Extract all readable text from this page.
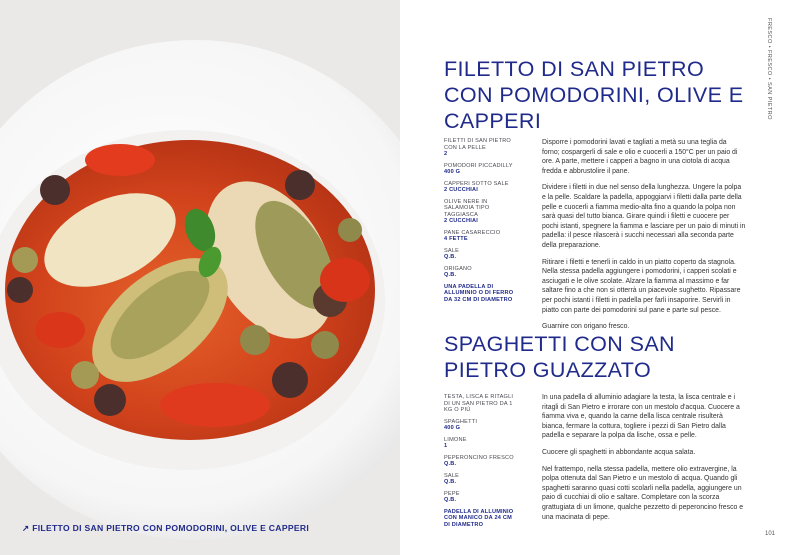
↗ FILETTO DI SAN PIETRO CON POMODORINI, OLIVE E CAPPERI
FRESCO • FRESCO • SAN PIETRO
FILETTO DI SAN PIETRO CON POMODORINI, OLIVE E CAPPERI
FILETTI DI SAN PIETRO CON LA PELLE
2
POMODORI PICCADILLY
400 G
CAPPERI SOTTO SALE
2 CUCCHIAI
OLIVE NERE IN SALAMOIA TIPO TAGGIASCA
2 CUCCHIAI
PANE CASARECCIO
4 FETTE
SALE
Q.B.
ORIGANO
Q.B.
UNA PADELLA DI ALLUMINIO O DI FERRO DA 32 CM DI DIAMETRO

Disporre i pomodorini lavati e tagliati a metà su una teglia da forno; cospargerli di sale e olio e cuocerli a 150°C per un paio di ore. A parte, mettere i capperi a bagno in una ciotola di acqua fredda e abbrustolire il pane.

Dividere i filetti in due nel senso della lunghezza. Ungere la polpa e la pelle. Scaldare la padella, appoggiarvi i filetti dalla parte della pelle e cuocerli a fiamma medio-alta fino a quando la polpa non sarà quasi del tutto bianca. Girare quindi i filetti e cuocere per pochi istanti, spegnere la fiamma e lasciare per un paio di minuti in padella: il pesce rilascerà i succhi necessari alla seconda parte della preparazione.

Ritirare i filetti e tenerli in caldo in un piatto coperto da stagnola. Nella stessa padella aggiungere i pomodorini, i capperi scolati e asciugati e le olive scolate. Alzare la fiamma al massimo e far saltare fino a che non si otterrà un piacevole sughetto. Ripassare per pochi istanti i filetti in padella per farli insaporire. Servirli in piatto con parte dei pomodorini sul pane e parte sul pesce.

Guarnire con origano fresco.

SPAGHETTI CON SAN PIETRO GUAZZATO
TESTA, LISCA E RITAGLI DI UN SAN PIETRO DA 1 KG O PIÙ
SPAGHETTI
400 G
LIMONE
1
PEPERONCINO FRESCO
Q.B.
SALE
Q.B.
PEPE
Q.B.
PADELLA DI ALLUMINIO CON MANICO DA 24 CM DI DIAMETRO

In una padella di alluminio adagiare la testa, la lisca centrale e i ritagli di San Pietro e irrorare con un mestolo d'acqua. Cuocere a fiamma viva e, quando la carne della lisca centrale risulterà bianca, fermare la cottura, togliere i pezzi di San Pietro dalla padella e separare la polpa da lische, ossa e pelle.

Cuocere gli spaghetti in abbondante acqua salata.

Nel frattempo, nella stessa padella, mettere olio extravergine, la polpa ottenuta dal San Pietro e un mestolo di acqua. Quando gli spaghetti saranno quasi cotti scolarli nella padella, aggiungere un paio di cucchiai di olio e saltare. Completare con la scorza grattugiata di un limone, qualche pezzetto di peperoncino fresco e una macinata di pepe.

101
